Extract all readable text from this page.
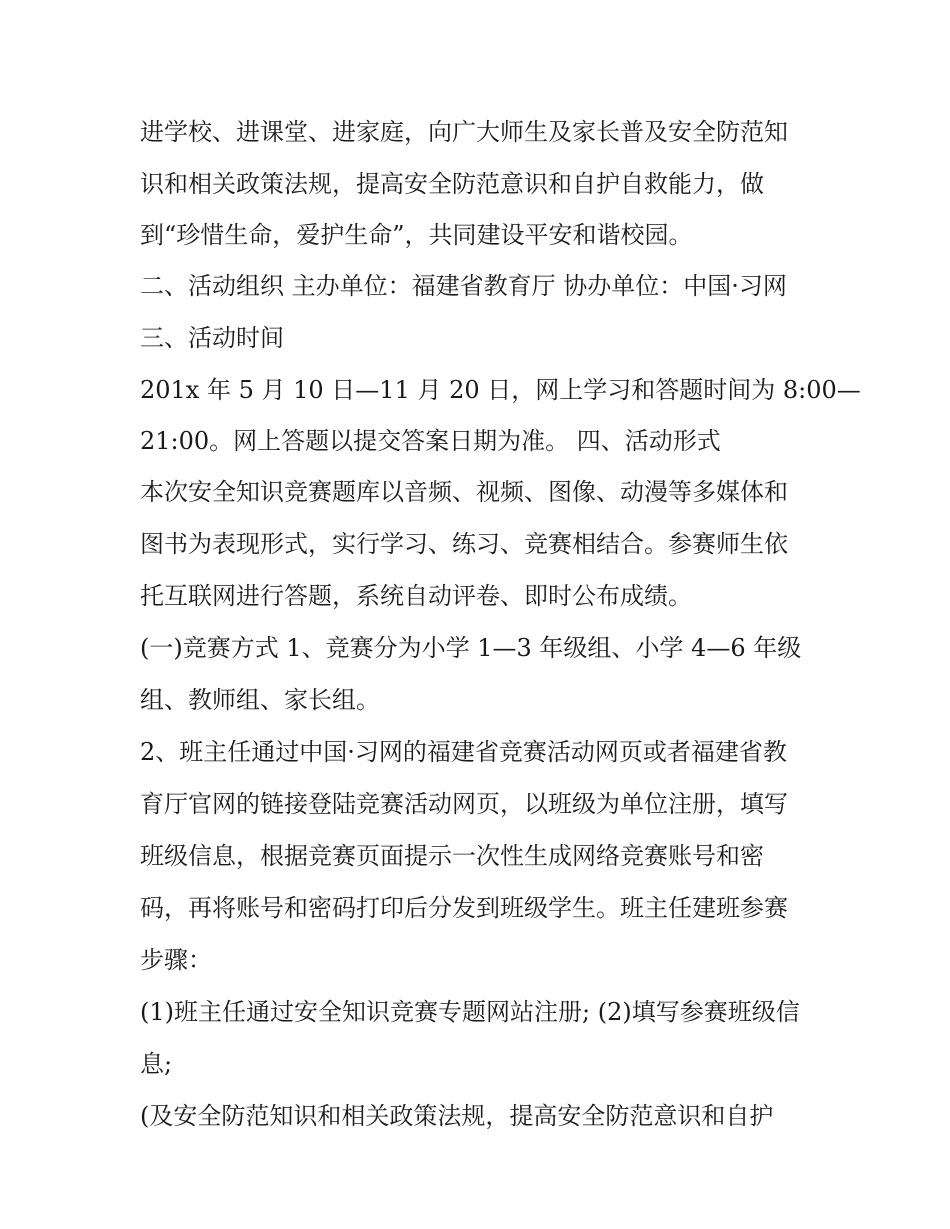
进学校、进课堂、进家庭，向广大师生及家长普及安全防范知
识和相关政策法规，提高安全防范意识和自护自救能力，做
到“珍惜生命，爱护生命”，共同建设平安和谐校园。
二、活动组织 主办单位：福建省教育厅 协办单位：中国·习网
三、活动时间
201x 年 5 月 10 日—11 月 20 日，网上学习和答题时间为 8:00—
21:00。网上答题以提交答案日期为准。 四、活动形式
本次安全知识竞赛题库以音频、视频、图像、动漫等多媒体和
图书为表现形式，实行学习、练习、竞赛相结合。参赛师生依
托互联网进行答题，系统自动评卷、即时公布成绩。
(一)竞赛方式 1、竞赛分为小学 1—3 年级组、小学 4—6 年级
组、教师组、家长组。
2、班主任通过中国·习网的福建省竞赛活动网页或者福建省教
育厅官网的链接登陆竞赛活动网页，以班级为单位注册，填写
班级信息，根据竞赛页面提示一次性生成网络竞赛账号和密
码，再将账号和密码打印后分发到班级学生。班主任建班参赛
步骤：
(1)班主任通过安全知识竞赛专题网站注册; (2)填写参赛班级信
息;
(及安全防范知识和相关政策法规，提高安全防范意识和自护
